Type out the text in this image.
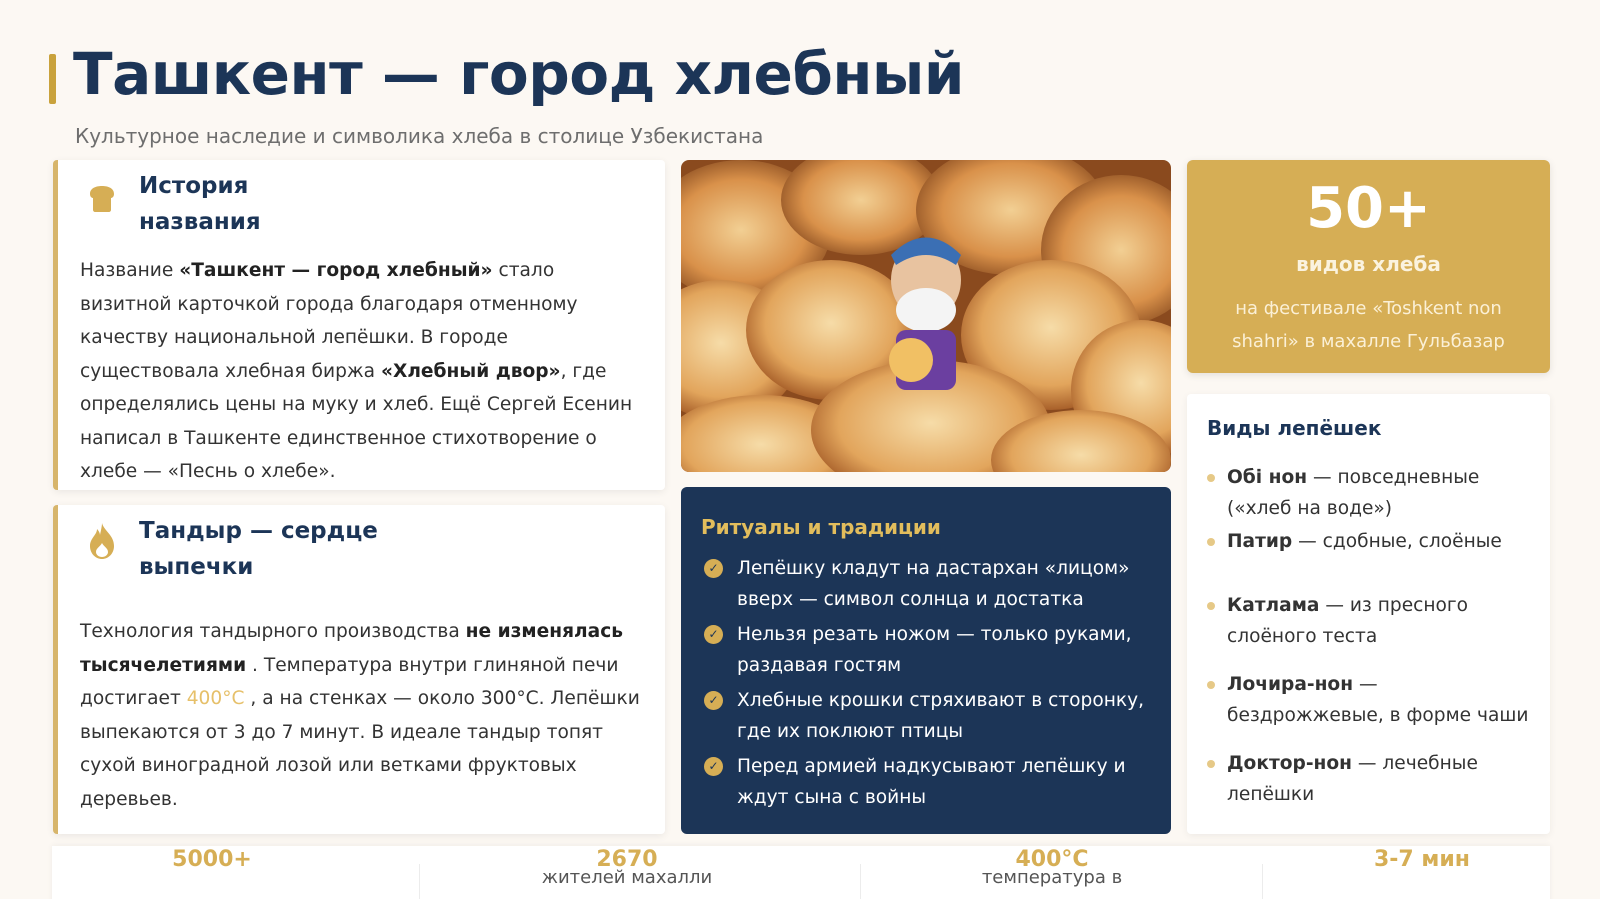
Ташкент — город хлебный
Культурное наследие и символика хлеба в столице Узбекистана
История
названия
Название «Ташкент — город хлебный» стало визитной карточкой города благодаря отменному качеству национальной лепёшки. В городе существовала хлебная биржа «Хлебный двор», где определялись цены на муку и хлеб. Ещё Сергей Есенин написал в Ташкенте единственное стихотворение о хлебе — «Песнь о хлебе».
Тандыр — сердце
выпечки
Технология тандырного производства не изменялась тысячелетиями . Температура внутри глиняной печи достигает 400°C , а на стенках — около 300°C. Лепёшки выпекаются от 3 до 7 минут. В идеале тандыр топят сухой виноградной лозой или ветками фруктовых деревьев.
50+
видов хлеба
на фестивале «Toshkent non shahri» в махалле Гульбазар
Ритуалы и традиции
✓ Лепёшку кладут на дастархан «лицом» вверх — символ солнца и достатка
✓ Нельзя резать ножом — только руками, раздавая гостям
✓ Хлебные крошки стряхивают в сторонку, где их поклюют птицы
✓ Перед армией надкусывают лепёшку и ждут сына с войны
Виды лепёшек
Обі нон — повседневные («хлеб на воде»)
Патир — сдобные, слоёные
Катлама — из пресного слоёного теста
Лочира-нон — бездрожжевые, в форме чаши
Доктор-нон — лечебные лепёшки
5000+	2670
жителей махалли
400°C
температура в
3-7 мин
